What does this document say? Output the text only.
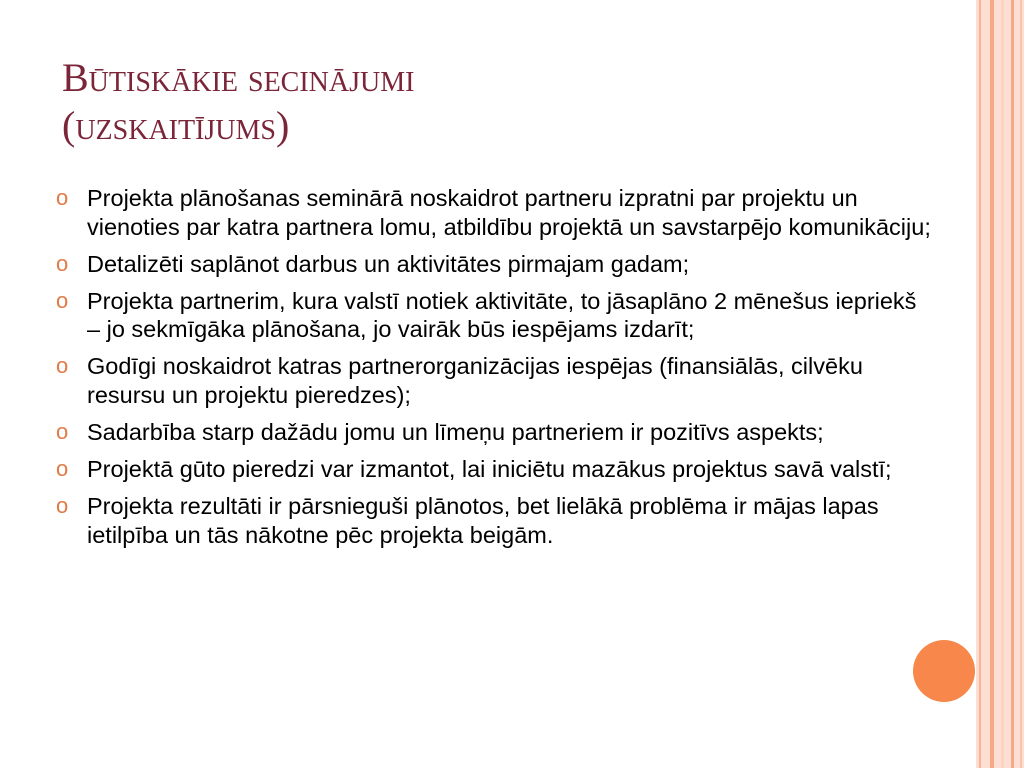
Būtiskākie secinājumi
(uzskaitījums)
o Projekta plānošanas seminārā noskaidrot partneru izpratni par projektu un vienoties par katra partnera lomu, atbildību projektā un savstarpējo komunikāciju;
o Detalizēti saplānot darbus un aktivitātes pirmajam gadam;
o Projekta partnerim, kura valstī notiek aktivitāte, to jāsaplāno 2 mēnešus iepriekš – jo sekmīgāka plānošana, jo vairāk būs iespējams izdarīt;
o Godīgi noskaidrot katras partnerorganizācijas iespējas (finansiālās, cilvēku resursu un projektu pieredzes);
o Sadarbība starp dažādu jomu un līmeņu partneriem ir pozitīvs aspekts;
o Projektā gūto pieredzi var izmantot, lai iniciētu mazākus projektus savā valstī;
o Projekta rezultāti ir pārsnieguši plānotos, bet lielākā problēma ir mājas lapas ietilpība un tās nākotne pēc projekta beigām.
